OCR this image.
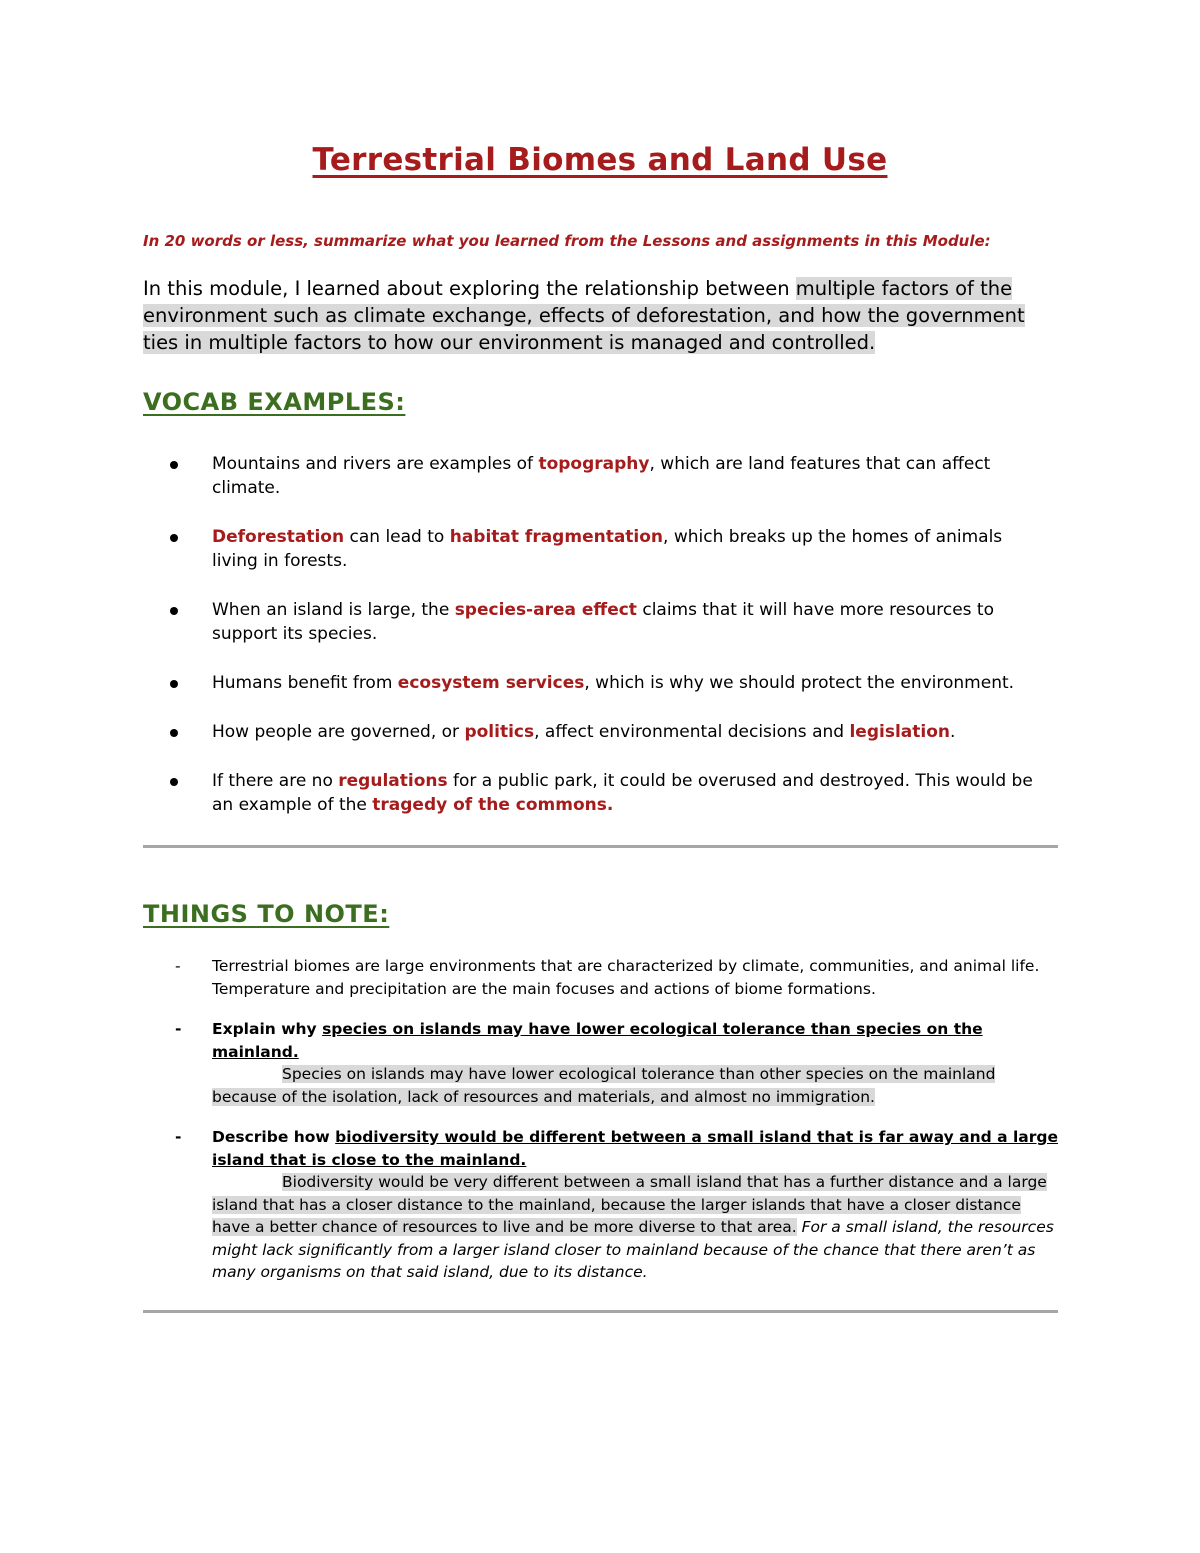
Terrestrial Biomes and Land Use
In 20 words or less, summarize what you learned from the Lessons and assignments in this Module:
In this module, I learned about exploring the relationship between multiple factors of the environment such as climate exchange, effects of deforestation, and how the government ties in multiple factors to how our environment is managed and controlled.
VOCAB EXAMPLES:
Mountains and rivers are examples of topography, which are land features that can affect climate.
Deforestation can lead to habitat fragmentation, which breaks up the homes of animals living in forests.
When an island is large, the species-area effect claims that it will have more resources to support its species.
Humans benefit from ecosystem services, which is why we should protect the environment.
How people are governed, or politics, affect environmental decisions and legislation.
If there are no regulations for a public park, it could be overused and destroyed. This would be an example of the tragedy of the commons.
THINGS TO NOTE:
- Terrestrial biomes are large environments that are characterized by climate, communities, and animal life. Temperature and precipitation are the main focuses and actions of biome formations.
- Explain why species on islands may have lower ecological tolerance than species on the mainland.
Species on islands may have lower ecological tolerance than other species on the mainland because of the isolation, lack of resources and materials, and almost no immigration.
- Describe how biodiversity would be different between a small island that is far away and a large island that is close to the mainland.
Biodiversity would be very different between a small island that has a further distance and a large island that has a closer distance to the mainland, because the larger islands that have a closer distance have a better chance of resources to live and be more diverse to that area. For a small island, the resources might lack significantly from a larger island closer to mainland because of the chance that there aren’t as many organisms on that said island, due to its distance.
